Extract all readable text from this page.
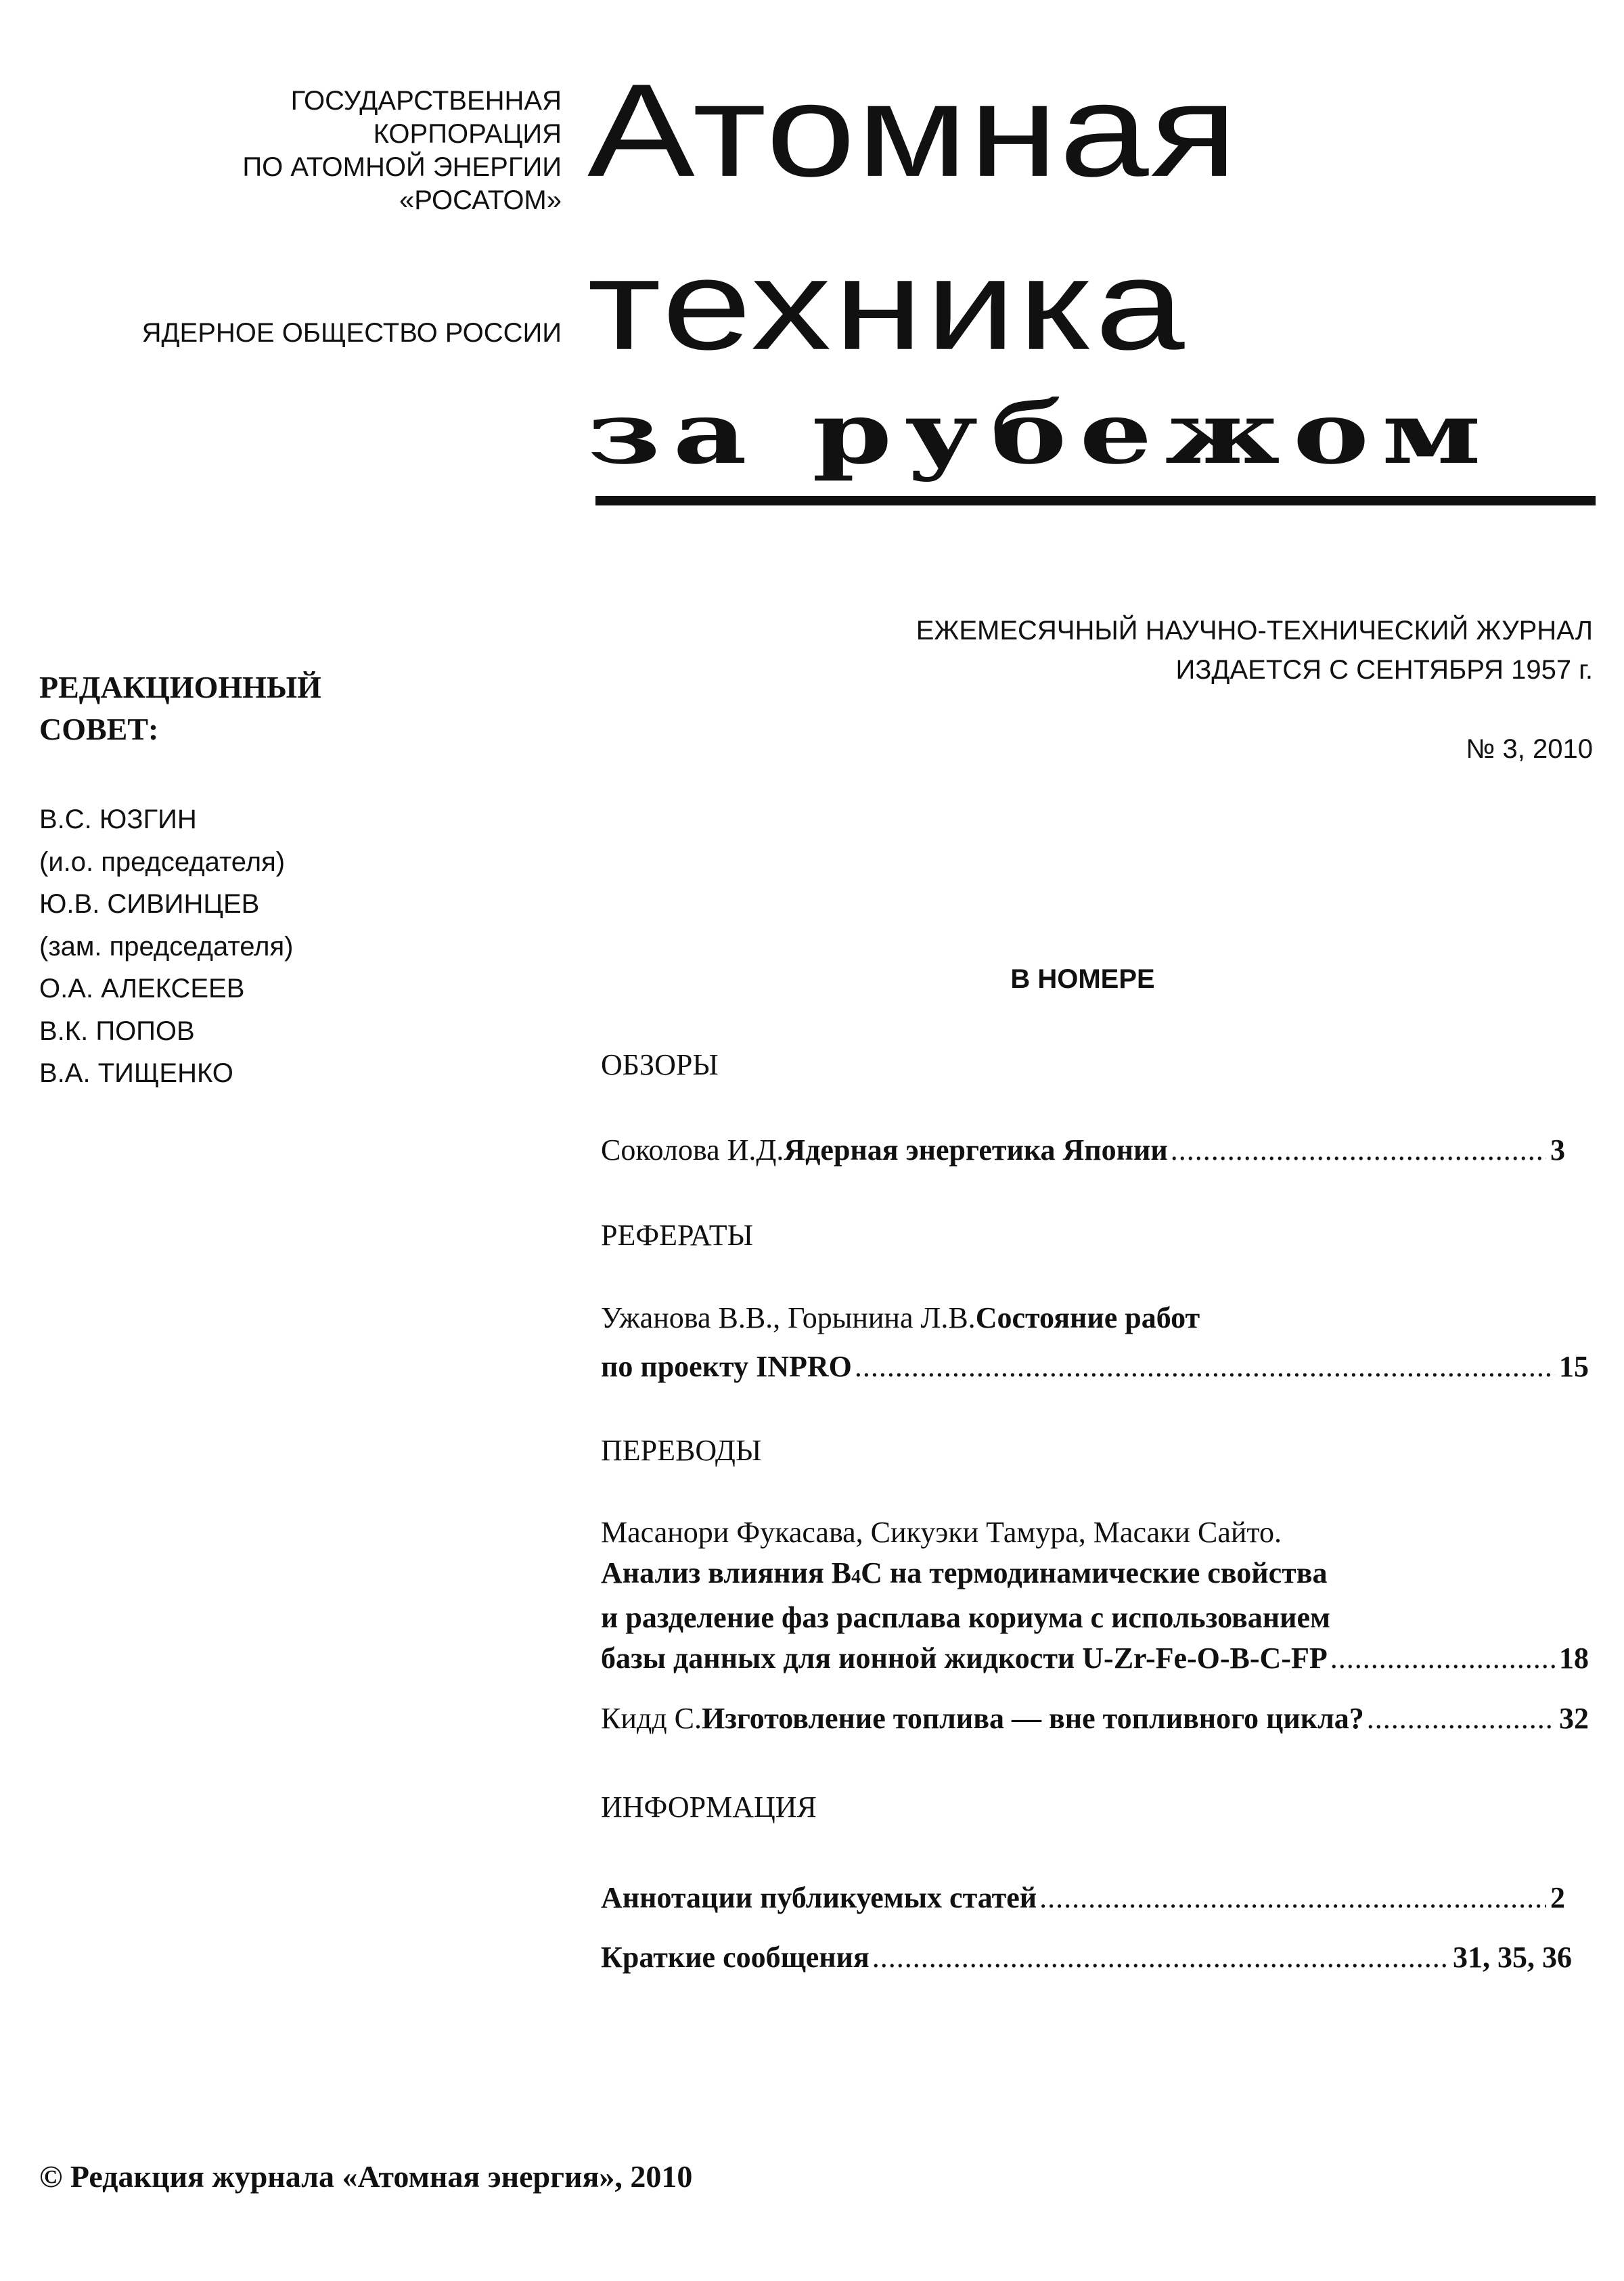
ГОСУДАРСТВЕННАЯ
КОРПОРАЦИЯ
ПО АТОМНОЙ ЭНЕРГИИ
«РОСАТОМ»
ЯДЕРНОЕ ОБЩЕСТВО РОССИИ
Атомная
техника
за рубежом
ЕЖЕМЕСЯЧНЫЙ НАУЧНО-ТЕХНИЧЕСКИЙ ЖУРНАЛ
ИЗДАЕТСЯ С СЕНТЯБРЯ 1957 г.
№ 3, 2010
РЕДАКЦИОННЫЙ
СОВЕТ:
В.С. ЮЗГИН
(и.о. председателя)
Ю.В. СИВИНЦЕВ
(зам. председателя)
О.А. АЛЕКСЕЕВ
В.К. ПОПОВ
В.А. ТИЩЕНКО
В НОМЕРЕ
ОБЗОРЫ
Соколова И.Д. Ядерная энергетика Японии .....	3
РЕФЕРАТЫ
Ужанова В.В., Горынина Л.В. Состояние работ
по проекту INPRO .....	15
ПЕРЕВОДЫ
Масанори Фукасава, Сикуэки Тамура, Масаки Сайто.
Анализ влияния B 4 C на термодинамические свойства
и разделение фаз расплава кориума с использованием
базы данных для ионной жидкости U-Zr-Fe-O-B-C-FP .....	18
Кидд С. Изготовление топлива — вне топливного цикла? .....	32
ИНФОРМАЦИЯ
Аннотации публикуемых статей .....	2
Краткие сообщения .....	31, 35, 36
© Редакция журнала «Атомная энергия», 2010
